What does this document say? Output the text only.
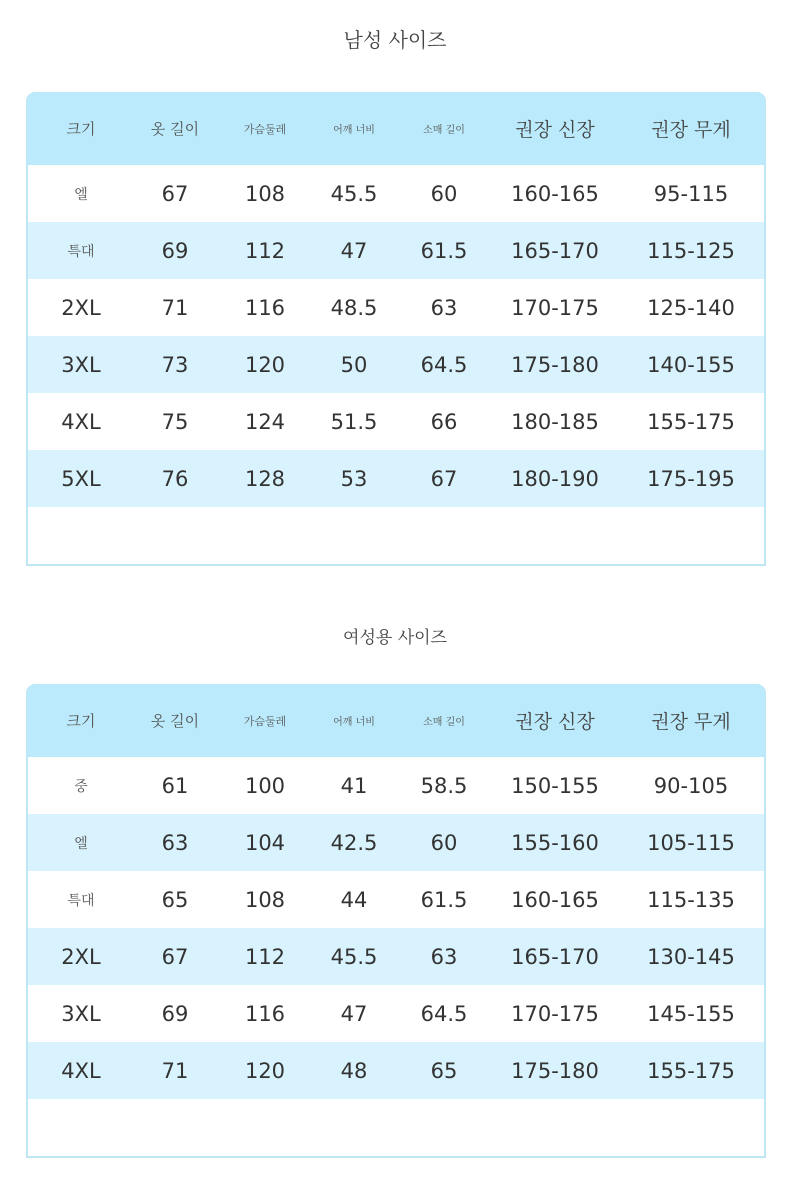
남성 사이즈
크기	옷 길이	가슴둘레	어깨 너비	소매 길이	권장 신장	권장 무게
엘	67	108	45.5	60	160-165	95-115
특대	69	112	47	61.5	165-170	115-125
2XL	71	116	48.5	63	170-175	125-140
3XL	73	120	50	64.5	175-180	140-155
4XL	75	124	51.5	66	180-185	155-175
5XL	76	128	53	67	180-190	175-195
여성용 사이즈
크기	옷 길이	가슴둘레	어깨 너비	소매 길이	권장 신장	권장 무게
중	61	100	41	58.5	150-155	90-105
엘	63	104	42.5	60	155-160	105-115
특대	65	108	44	61.5	160-165	115-135
2XL	67	112	45.5	63	165-170	130-145
3XL	69	116	47	64.5	170-175	145-155
4XL	71	120	48	65	175-180	155-175
